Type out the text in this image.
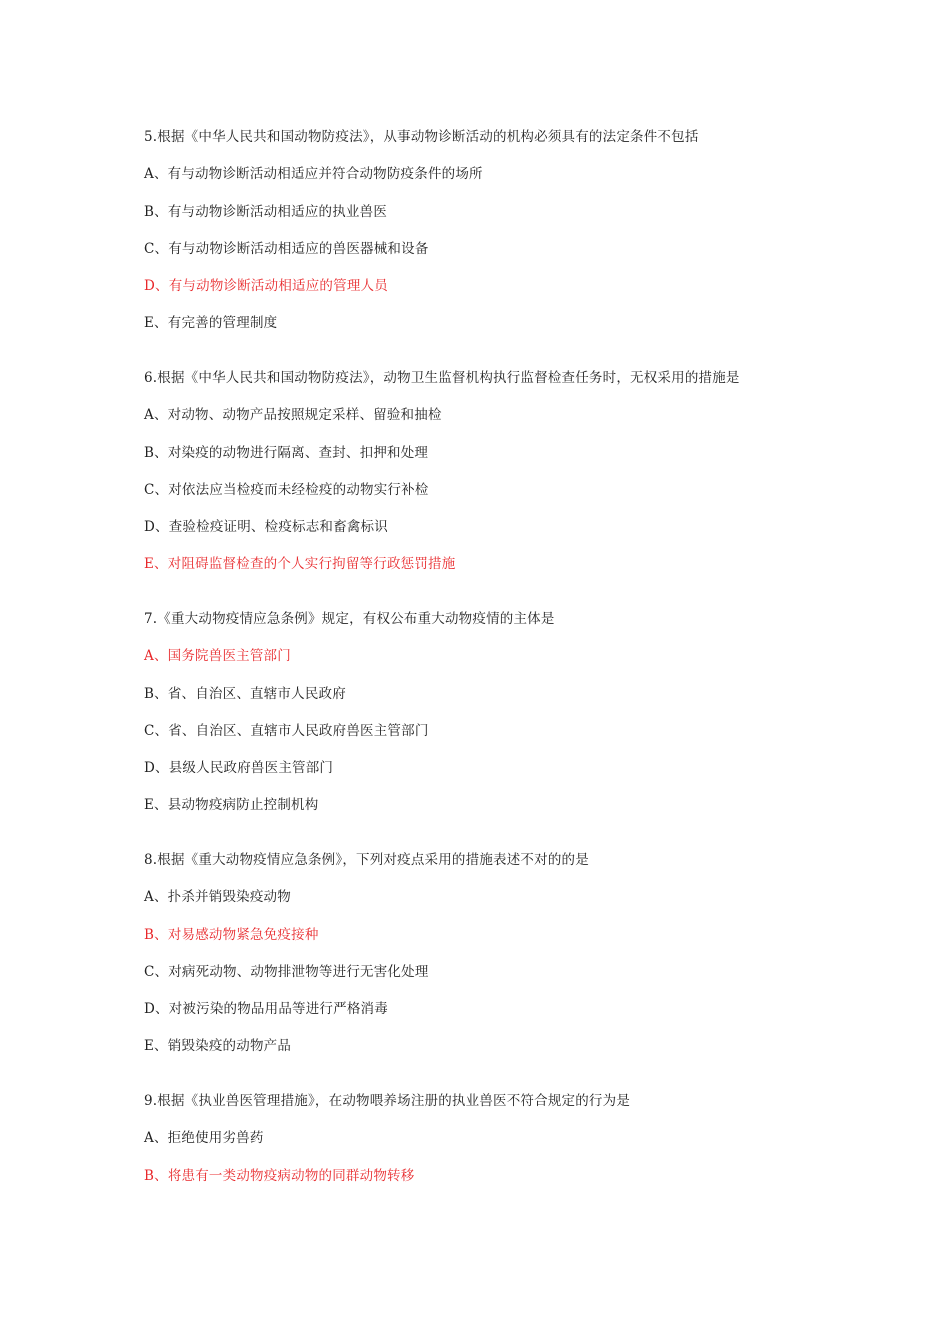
5.根据《中华人民共和国动物防疫法》，从事动物诊断活动的机构必须具有的法定条件不包括
A、有与动物诊断活动相适应并符合动物防疫条件的场所
B、有与动物诊断活动相适应的执业兽医
C、有与动物诊断活动相适应的兽医器械和设备
D、有与动物诊断活动相适应的管理人员
E、有完善的管理制度
6.根据《中华人民共和国动物防疫法》，动物卫生监督机构执行监督检查任务时，无权采用的措施是
A、对动物、动物产品按照规定采样、留验和抽检
B、对染疫的动物进行隔离、查封、扣押和处理
C、对依法应当检疫而未经检疫的动物实行补检
D、查验检疫证明、检疫标志和畜禽标识
E、对阻碍监督检查的个人实行拘留等行政惩罚措施
7.《重大动物疫情应急条例》规定，有权公布重大动物疫情的主体是
A、国务院兽医主管部门
B、省、自治区、直辖市人民政府
C、省、自治区、直辖市人民政府兽医主管部门
D、县级人民政府兽医主管部门
E、县动物疫病防止控制机构
8.根据《重大动物疫情应急条例》，下列对疫点采用的措施表述不对的的是
A、扑杀并销毁染疫动物
B、对易感动物紧急免疫接种
C、对病死动物、动物排泄物等进行无害化处理
D、对被污染的物品用品等进行严格消毒
E、销毁染疫的动物产品
9.根据《执业兽医管理措施》，在动物喂养场注册的执业兽医不符合规定的行为是
A、拒绝使用劣兽药
B、将患有一类动物疫病动物的同群动物转移
